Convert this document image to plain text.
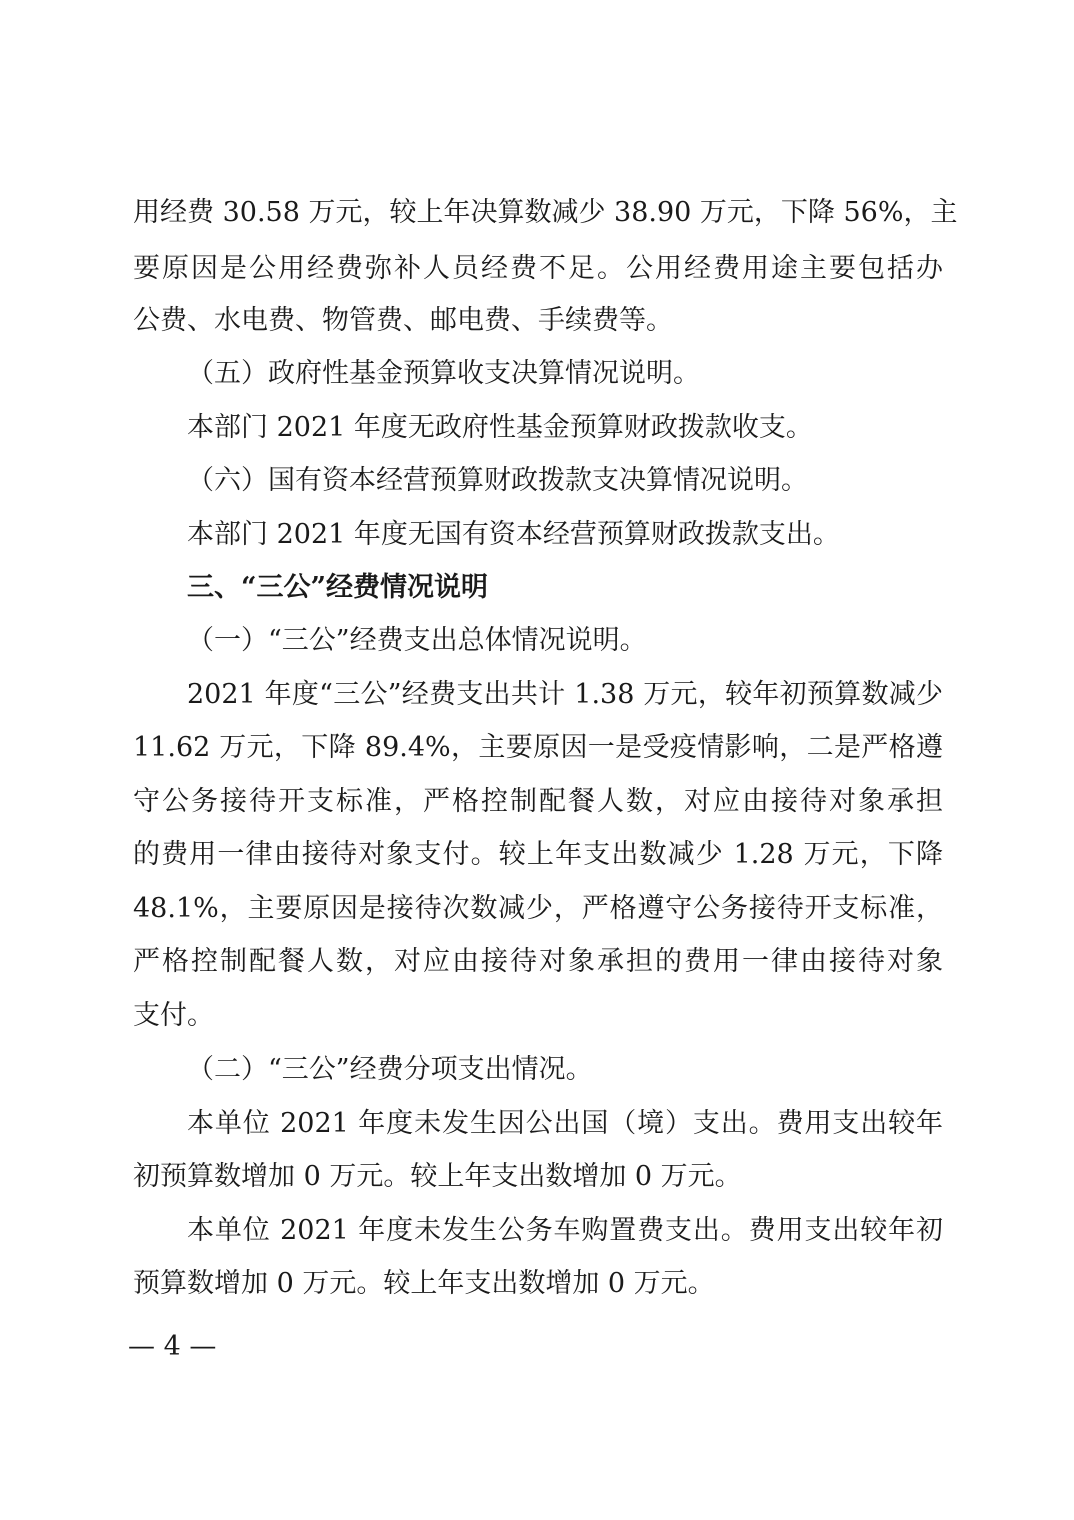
用经费 30.58 万元，较上年决算数减少 38.90 万元，下降 56%，主
要原因是公用经费弥补人员经费不足。公用经费用途主要包括办
公费、水电费、物管费、邮电费、手续费等。
（五）政府性基金预算收支决算情况说明。
本部门 2021 年度无政府性基金预算财政拨款收支。
（六）国有资本经营预算财政拨款支决算情况说明。
本部门 2021 年度无国有资本经营预算财政拨款支出。
三、“三公”经费情况说明
（一）“三公”经费支出总体情况说明。
2021 年度“三公”经费支出共计 1.38 万元，较年初预算数减少
11.62 万元，下降 89.4%，主要原因一是受疫情影响，二是严格遵
守公务接待开支标准，严格控制配餐人数，对应由接待对象承担
的费用一律由接待对象支付。较上年支出数减少 1.28 万元，下降
48.1%，主要原因是接待次数减少，严格遵守公务接待开支标准，
严格控制配餐人数，对应由接待对象承担的费用一律由接待对象
支付。
（二）“三公”经费分项支出情况。
本单位 2021 年度未发生因公出国（境）支出。费用支出较年
初预算数增加 0 万元。较上年支出数增加 0 万元。
本单位 2021 年度未发生公务车购置费支出。费用支出较年初
预算数增加 0 万元。较上年支出数增加 0 万元。
— 4 —
